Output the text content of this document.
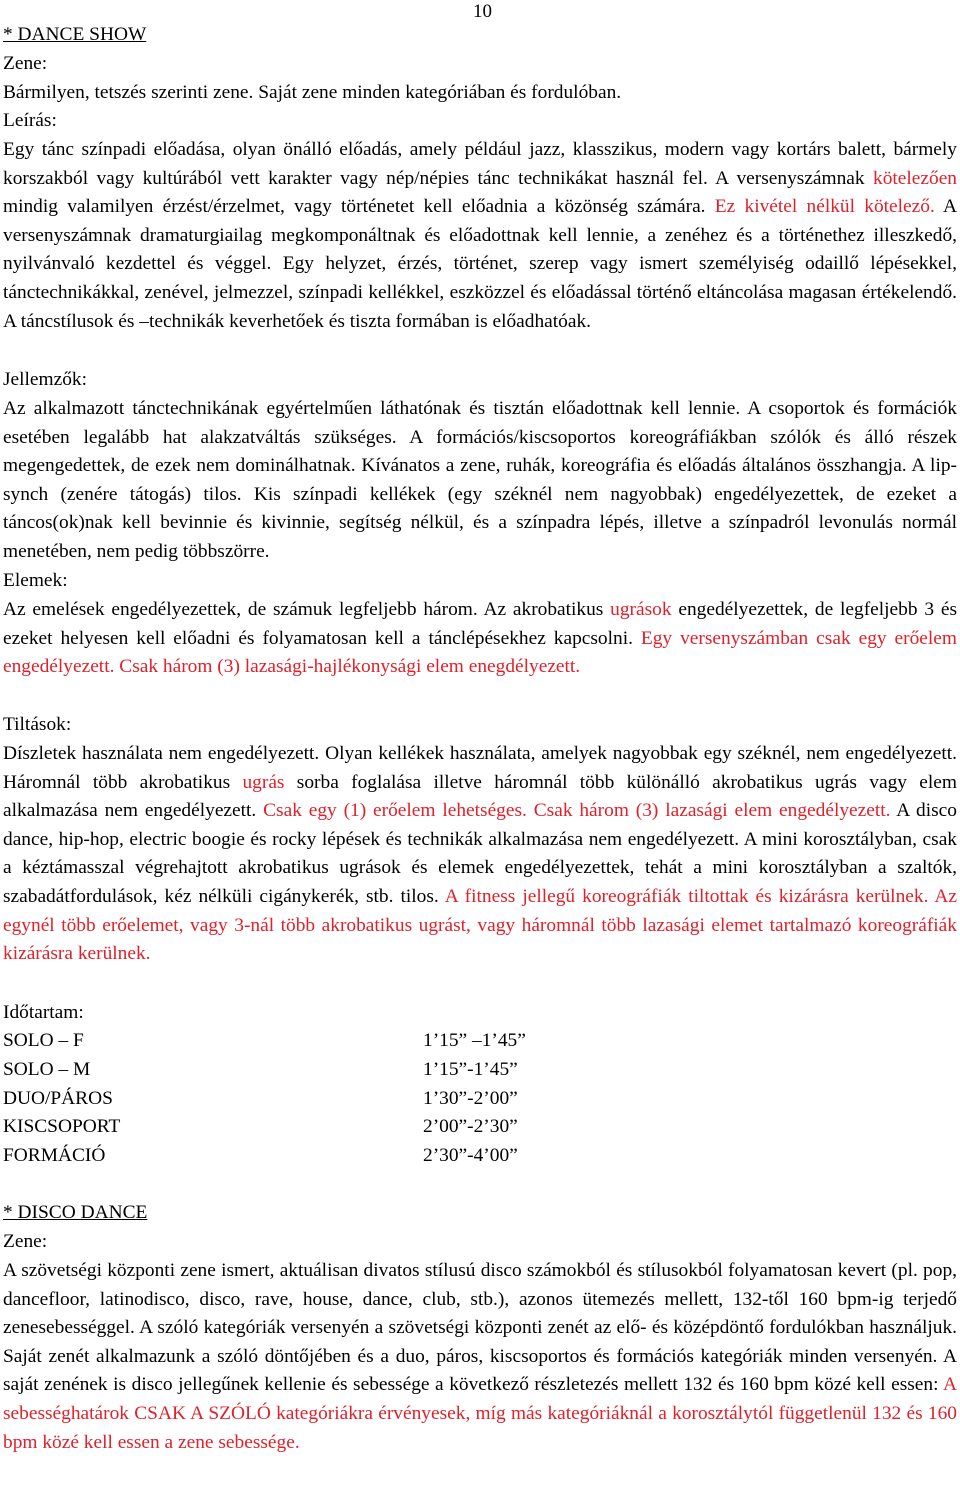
10
* DANCE SHOW
Zene:
Bármilyen, tetszés szerinti zene. Saját zene minden kategóriában és fordulóban.
Leírás:
Egy tánc színpadi előadása, olyan önálló előadás, amely például jazz, klasszikus, modern vagy kortárs balett, bármely korszakból vagy kultúrából vett karakter vagy nép/népies tánc technikákat használ fel. A versenyszámnak kötelezően mindig valamilyen érzést/érzelmet, vagy történetet kell előadnia a közönség számára. Ez kivétel nélkül kötelező. A versenyszámnak dramaturgiailag megkomponáltnak és előadottnak kell lennie, a zenéhez és a történethez illeszkedő, nyilvánvaló kezdettel és véggel. Egy helyzet, érzés, történet, szerep vagy ismert személyiség odaillő lépésekkel, tánctechnikákkal, zenével, jelmezzel, színpadi kellékkel, eszközzel és előadással történő eltáncolása magasan értékelendő. A táncstílusok és –technikák keverhetőek és tiszta formában is előadhatóak.
Jellemzők:
Az alkalmazott tánctechnikának egyértelműen láthatónak és tisztán előadottnak kell lennie. A csoportok és formációk esetében legalább hat alakzatváltás szükséges. A formációs/kiscsoportos koreográfiákban szólók és álló részek megengedettek, de ezek nem dominálhatnak. Kívánatos a zene, ruhák, koreográfia és előadás általános összhangja. A lip-synch (zenére tátogás) tilos. Kis színpadi kellékek (egy széknél nem nagyobbak) engedélyezettek, de ezeket a táncos(ok)nak kell bevinnie és kivinnie, segítség nélkül, és a színpadra lépés, illetve a színpadról levonulás normál menetében, nem pedig többszörre.
Elemek:
Az emelések engedélyezettek, de számuk legfeljebb három. Az akrobatikus ugrások engedélyezettek, de legfeljebb 3 és ezeket helyesen kell előadni és folyamatosan kell a tánclépésekhez kapcsolni. Egy versenyszámban csak egy erőelem engedélyezett. Csak három (3) lazasági-hajlékonysági elem enegdélyezett.
Tiltások:
Díszletek használata nem engedélyezett. Olyan kellékek használata, amelyek nagyobbak egy széknél, nem engedélyezett. Háromnál több akrobatikus ugrás sorba foglalása illetve háromnál több különálló akrobatikus ugrás vagy elem alkalmazása nem engedélyezett. Csak egy (1) erőelem lehetséges. Csak három (3) lazasági elem engedélyezett. A disco dance, hip-hop, electric boogie és rocky lépések és technikák alkalmazása nem engedélyezett. A mini korosztályban, csak a kéztámasszal végrehajtott akrobatikus ugrások és elemek engedélyezettek, tehát a mini korosztályban a szaltók, szabadátfordulások, kéz nélküli cigánykerék, stb. tilos. A fitness jellegű koreográfiák tiltottak és kizárásra kerülnek. Az egynél több erőelemet, vagy 3-nál több akrobatikus ugrást, vagy háromnál több lazasági elemet tartalmazó koreográfiák kizárásra kerülnek.
Időtartam:
SOLO – F	1’15” –1’45”
SOLO – M	1’15”-1’45”
DUO/PÁROS	1’30”-2’00”
KISCSOPORT	2’00”-2’30”
FORMÁCIÓ	2’30”-4’00”
* DISCO DANCE
Zene:
A szövetségi központi zene ismert, aktuálisan divatos stílusú disco számokból és stílusokból folyamatosan kevert (pl. pop, dancefloor, latinodisco, disco, rave, house, dance, club, stb.), azonos ütemezés mellett, 132-től 160 bpm-ig terjedő zenesebességgel. A szóló kategóriák versenyén a szövetségi központi zenét az elő- és középdöntő fordulókban használjuk. Saját zenét alkalmazunk a szóló döntőjében és a duo, páros, kiscsoportos és formációs kategóriák minden versenyén. A saját zenének is disco jellegűnek kellenie és sebessége a következő részletezés mellett 132 és 160 bpm közé kell essen: A sebességhatárok CSAK A SZÓLÓ kategóriákra érvényesek, míg más kategóriáknál a korosztálytól függetlenül 132 és 160 bpm közé kell essen a zene sebessége.
